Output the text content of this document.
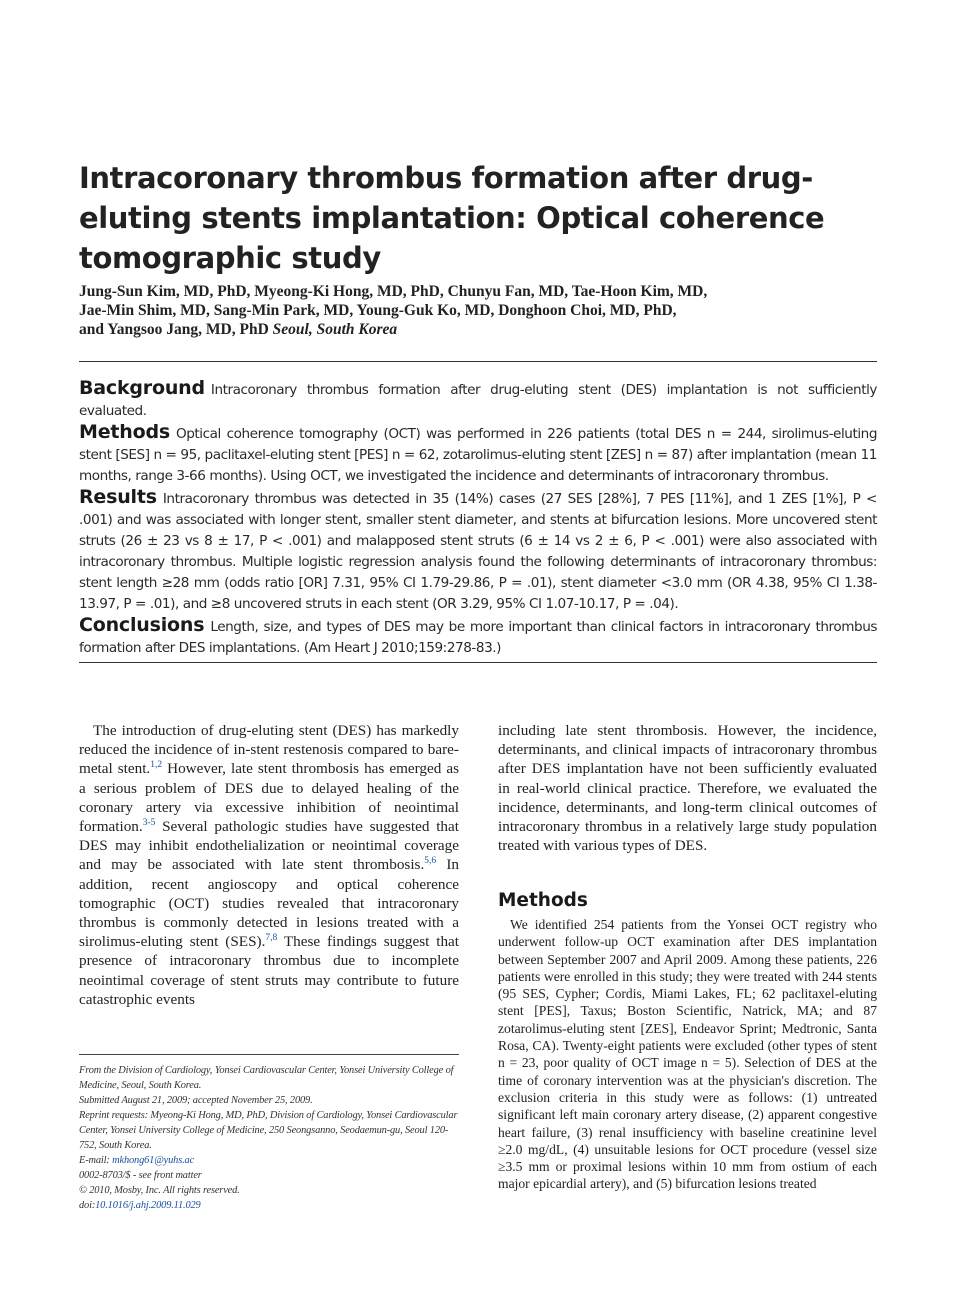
Intracoronary thrombus formation after drug-eluting stents implantation: Optical coherence tomographic study
Jung-Sun Kim, MD, PhD, Myeong-Ki Hong, MD, PhD, Chunyu Fan, MD, Tae-Hoon Kim, MD,
Jae-Min Shim, MD, Sang-Min Park, MD, Young-Guk Ko, MD, Donghoon Choi, MD, PhD,
and Yangsoo Jang, MD, PhD Seoul, South Korea

Background Intracoronary thrombus formation after drug-eluting stent (DES) implantation is not sufficiently evaluated.

Methods Optical coherence tomography (OCT) was performed in 226 patients (total DES n = 244, sirolimus-eluting stent [SES] n = 95, paclitaxel-eluting stent [PES] n = 62, zotarolimus-eluting stent [ZES] n = 87) after implantation (mean 11 months, range 3-66 months). Using OCT, we investigated the incidence and determinants of intracoronary thrombus.

Results Intracoronary thrombus was detected in 35 (14%) cases (27 SES [28%], 7 PES [11%], and 1 ZES [1%], P < .001) and was associated with longer stent, smaller stent diameter, and stents at bifurcation lesions. More uncovered stent struts (26 ± 23 vs 8 ± 17, P < .001) and malapposed stent struts (6 ± 14 vs 2 ± 6, P < .001) were also associated with intracoronary thrombus. Multiple logistic regression analysis found the following determinants of intracoronary thrombus: stent length ≥28 mm (odds ratio [OR] 7.31, 95% CI 1.79-29.86, P = .01), stent diameter <3.0 mm (OR 4.38, 95% CI 1.38-13.97, P = .01), and ≥8 uncovered struts in each stent (OR 3.29, 95% CI 1.07-10.17, P = .04).

Conclusions Length, size, and types of DES may be more important than clinical factors in intracoronary thrombus formation after DES implantations. (Am Heart J 2010;159:278-83.)

The introduction of drug-eluting stent (DES) has markedly reduced the incidence of in-stent restenosis compared to bare-metal stent.$^{1,2}$ However, late stent thrombosis has emerged as a serious problem of DES due to delayed healing of the coronary artery via excessive inhibition of neointimal formation.$^{3-5}$ Several pathologic studies have suggested that DES may inhibit endothelialization or neointimal coverage and may be associated with late stent thrombosis.$^{5,6}$ In addition, recent angioscopy and optical coherence tomographic (OCT) studies revealed that intracoronary thrombus is commonly detected in lesions treated with a sirolimus-eluting stent (SES).$^{7,8}$ These findings suggest that presence of intracoronary thrombus due to incomplete neointimal coverage of stent struts may contribute to future catastrophic events

From the Division of Cardiology, Yonsei Cardiovascular Center, Yonsei University College of Medicine, Seoul, South Korea.
Submitted August 21, 2009; accepted November 25, 2009.
Reprint requests: Myeong-Ki Hong, MD, PhD, Division of Cardiology, Yonsei Cardiovascular Center, Yonsei University College of Medicine, 250 Seongsanno, Seodaemun-gu, Seoul 120-752, South Korea.
E-mail: mkhong61@yuhs.ac
0002-8703/$ - see front matter
© 2010, Mosby, Inc. All rights reserved.
doi:10.1016/j.ahj.2009.11.029

including late stent thrombosis. However, the incidence, determinants, and clinical impacts of intracoronary thrombus after DES implantation have not been sufficiently evaluated in real-world clinical practice. Therefore, we evaluated the incidence, determinants, and long-term clinical outcomes of intracoronary thrombus in a relatively large study population treated with various types of DES.

Methods

We identified 254 patients from the Yonsei OCT registry who underwent follow-up OCT examination after DES implantation between September 2007 and April 2009. Among these patients, 226 patients were enrolled in this study; they were treated with 244 stents (95 SES, Cypher; Cordis, Miami Lakes, FL; 62 paclitaxel-eluting stent [PES], Taxus; Boston Scientific, Natrick, MA; and 87 zotarolimus-eluting stent [ZES], Endeavor Sprint; Medtronic, Santa Rosa, CA). Twenty-eight patients were excluded (other types of stent n = 23, poor quality of OCT image n = 5). Selection of DES at the time of coronary intervention was at the physician's discretion. The exclusion criteria in this study were as follows: (1) untreated significant left main coronary artery disease, (2) apparent congestive heart failure, (3) renal insufficiency with baseline creatinine level ≥2.0 mg/dL, (4) unsuitable lesions for OCT procedure (vessel size ≥3.5 mm or proximal lesions within 10 mm from ostium of each major epicardial artery), and (5) bifurcation lesions treated
